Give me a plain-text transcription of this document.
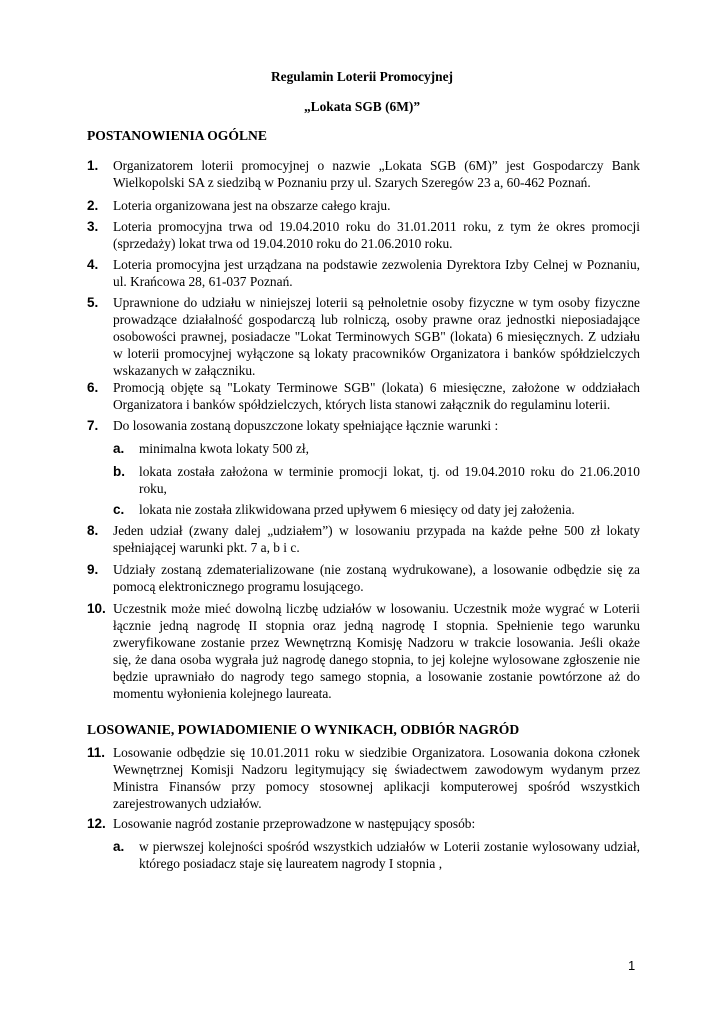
Regulamin Loterii Promocyjnej
„Lokata SGB (6M)”
POSTANOWIENIA OGÓLNE
1. Organizatorem loterii promocyjnej o nazwie „Lokata SGB (6M)” jest Gospodarczy Bank Wielkopolski SA z siedzibą w Poznaniu przy ul. Szarych Szeregów 23 a, 60-462 Poznań.
2. Loteria organizowana jest na obszarze całego kraju.
3. Loteria promocyjna trwa od 19.04.2010 roku do 31.01.2011 roku, z tym że okres promocji (sprzedaży) lokat trwa od 19.04.2010 roku do 21.06.2010 roku.
4. Loteria promocyjna jest urządzana na podstawie zezwolenia Dyrektora Izby Celnej w Poznaniu, ul. Krańcowa 28, 61-037 Poznań.
5. Uprawnione do udziału w niniejszej loterii są pełnoletnie osoby fizyczne w tym osoby fizyczne prowadzące działalność gospodarczą lub rolniczą, osoby prawne oraz jednostki nieposiadające osobowości prawnej, posiadacze "Lokat Terminowych SGB" (lokata) 6 miesięcznych. Z udziału w loterii promocyjnej wyłączone są lokaty pracowników Organizatora i banków spółdzielczych wskazanych w załączniku.
6. Promocją objęte są "Lokaty Terminowe SGB" (lokata) 6 miesięczne, założone w oddziałach Organizatora i banków spółdzielczych, których lista stanowi załącznik do regulaminu loterii.
7. Do losowania zostaną dopuszczone lokaty spełniające łącznie warunki :
a. minimalna kwota lokaty 500 zł,
b. lokata została założona w terminie promocji lokat, tj. od 19.04.2010 roku do 21.06.2010 roku,
c. lokata nie została zlikwidowana przed upływem 6 miesięcy od daty jej założenia.
8. Jeden udział (zwany dalej „udziałem”) w losowaniu przypada na każde pełne 500 zł lokaty spełniającej warunki pkt. 7 a, b i c.
9. Udziały zostaną zdematerializowane (nie zostaną wydrukowane), a losowanie odbędzie się za pomocą elektronicznego programu losującego.
10. Uczestnik może mieć dowolną liczbę udziałów w losowaniu. Uczestnik może wygrać w Loterii łącznie jedną nagrodę II stopnia oraz jedną nagrodę I stopnia. Spełnienie tego warunku zweryfikowane zostanie przez Wewnętrzną Komisję Nadzoru w trakcie losowania. Jeśli okaże się, że dana osoba wygrała już nagrodę danego stopnia, to jej kolejne wylosowane zgłoszenie nie będzie uprawniało do nagrody tego samego stopnia, a losowanie zostanie powtórzone aż do momentu wyłonienia kolejnego laureata.
LOSOWANIE, POWIADOMIENIE O WYNIKACH, ODBIÓR NAGRÓD
11. Losowanie odbędzie się 10.01.2011 roku w siedzibie Organizatora. Losowania dokona członek Wewnętrznej Komisji Nadzoru legitymujący się świadectwem zawodowym wydanym przez Ministra Finansów przy pomocy stosownej aplikacji komputerowej spośród wszystkich zarejestrowanych udziałów.
12. Losowanie nagród zostanie przeprowadzone w następujący sposób:
a. w pierwszej kolejności spośród wszystkich udziałów w Loterii zostanie wylosowany udział, którego posiadacz staje się laureatem nagrody I stopnia ,
1
